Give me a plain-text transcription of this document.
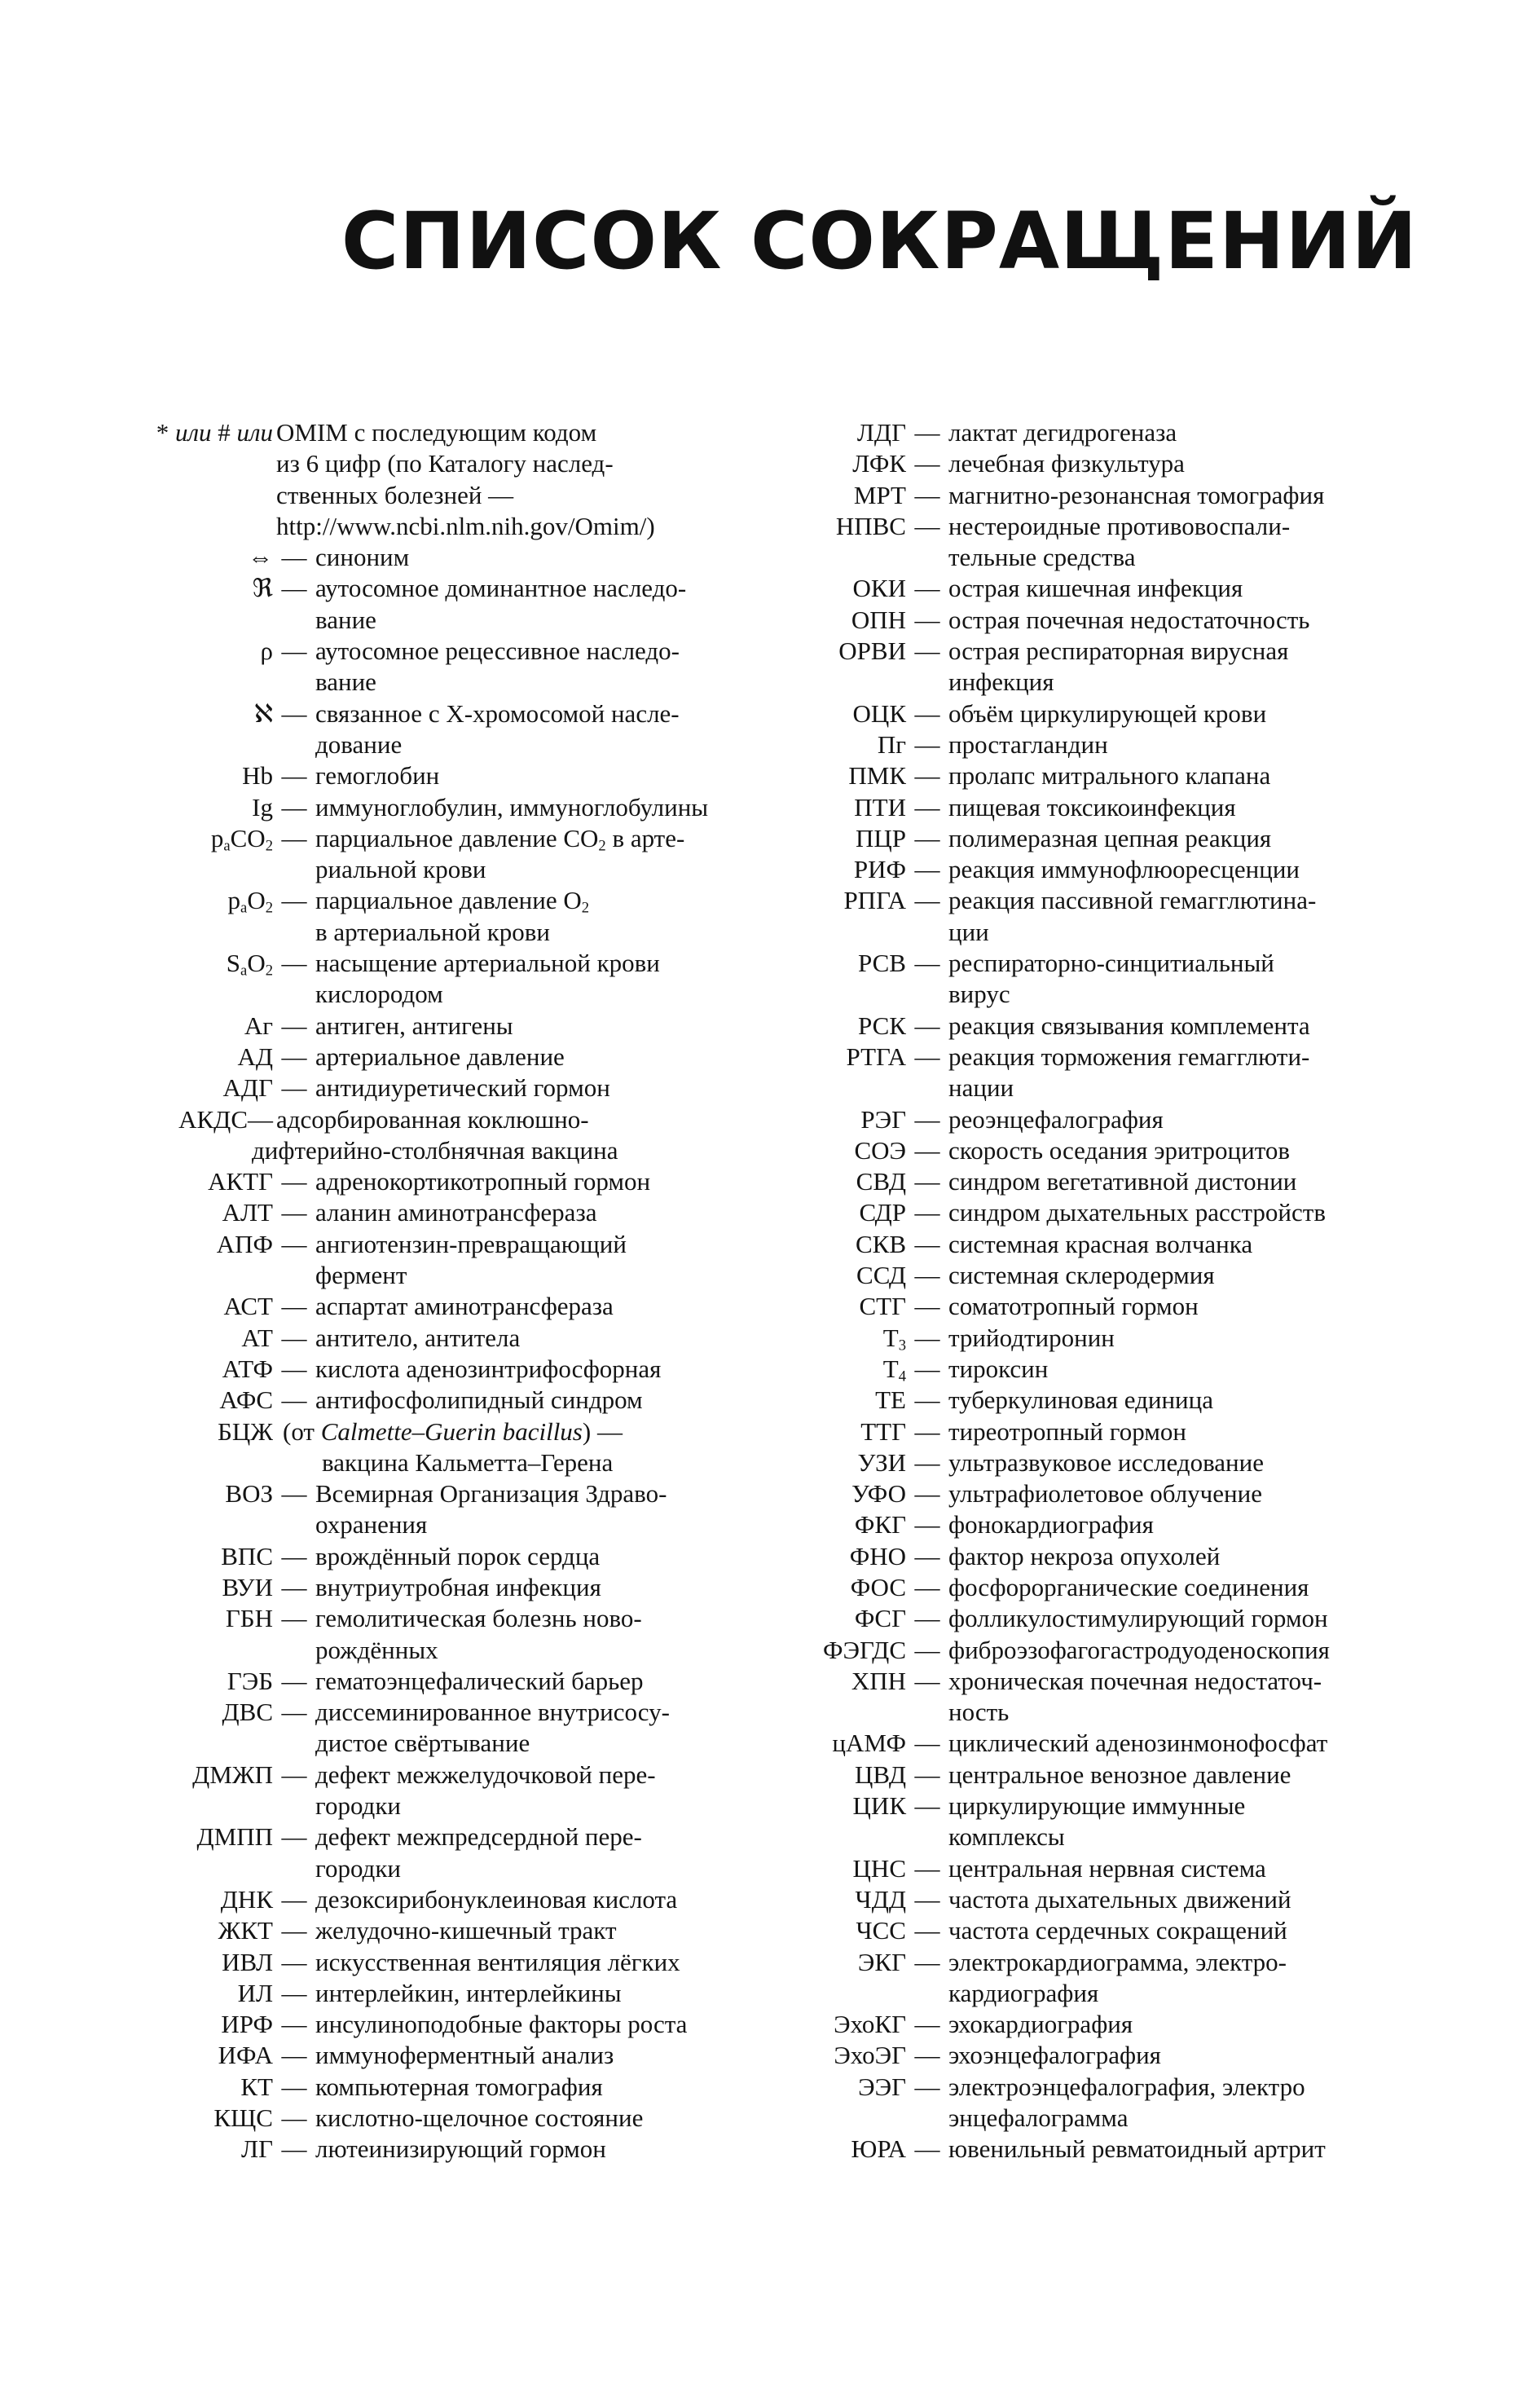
СПИСОК СОКРАЩЕНИЙ
* или # или OMIM с последующим кодом
из 6 цифр (по Каталогу наслед-
ственных болезней —
http://www.ncbi.nlm.nih.gov/Omim/)
⇔ — синоним
ℜ — аутосомное доминантное наследо-
вание
ρ — аутосомное рецессивное наследо-
вание
ℵ — связанное с Х-хромосомой насле-
дование
Hb — гемоглобин
Ig — иммуноглобулин, иммуноглобулины
$p_aCO_2$ — парциальное давление $CO_2$ в арте-
риальной крови
$p_aO_2$ — парциальное давление $O_2$
в артериальной крови
$S_aO_2$ — насыщение артериальной крови
кислородом
Аг — антиген, антигены
АД — артериальное давление
АДГ — антидиуретический гормон
АКДС— адсорбированная коклюшно-
дифтерийно-столбнячная вакцина
АКТГ — адренокортикотропный гормон
АЛТ — аланин аминотрансфераза
АПФ — ангиотензин-превращающий
фермент
АСТ — аспартат аминотрансфераза
АТ — антитело, антитела
АТФ — кислота аденозинтрифосфорная
АФС — антифосфолипидный синдром
БЦЖ (от Calmette–Guerin bacillus) —
вакцина Кальметта–Герена
ВОЗ — Всемирная Организация Здраво-
охранения
ВПС — врождённый порок сердца
ВУИ — внутриутробная инфекция
ГБН — гемолитическая болезнь ново-
рождённых
ГЭБ — гематоэнцефалический барьер
ДВС — диссеминированное внутрисосу-
дистое свёртывание
ДМЖП — дефект межжелудочковой пере-
городки
ДМПП — дефект межпредсердной пере-
городки
ДНК — дезоксирибонуклеиновая кислота
ЖКТ — желудочно-кишечный тракт
ИВЛ — искусственная вентиляция лёгких
ИЛ — интерлейкин, интерлейкины
ИРФ — инсулиноподобные факторы роста
ИФА — иммуноферментный анализ
КТ — компьютерная томография
КЩС — кислотно-щелочное состояние
ЛГ — лютеинизирующий гормон
ЛДГ — лактат дегидрогеназа
ЛФК — лечебная физкультура
МРТ — магнитно-резонансная томография
НПВС — нестероидные противовоспали-
тельные средства
ОКИ — острая кишечная инфекция
ОПН — острая почечная недостаточность
ОРВИ — острая респираторная вирусная
инфекция
ОЦК — объём циркулирующей крови
Пг — простагландин
ПМК — пролапс митрального клапана
ПТИ — пищевая токсикоинфекция
ПЦР — полимеразная цепная реакция
РИФ — реакция иммунофлюоресценции
РПГА — реакция пассивной гемагглютина-
ции
РСВ — респираторно-синцитиальный
вирус
РСК — реакция связывания комплемента
РТГА — реакция торможения гемагглюти-
нации
РЭГ — реоэнцефалография
СОЭ — скорость оседания эритроцитов
СВД — синдром вегетативной дистонии
СДР — синдром дыхательных расстройств
СКВ — системная красная волчанка
ССД — системная склеродермия
СТГ — соматотропный гормон
$T_3$ — трийодтиронин
$T_4$ — тироксин
ТЕ — туберкулиновая единица
ТТГ — тиреотропный гормон
УЗИ — ультразвуковое исследование
УФО — ультрафиолетовое облучение
ФКГ — фонокардиография
ФНО — фактор некроза опухолей
ФОС — фосфорорганические соединения
ФСГ — фолликулостимулирующий гормон
ФЭГДС — фиброэзофагогастродуоденоскопия
ХПН — хроническая почечная недостаточ-
ность
цАМФ — циклический аденозинмонофосфат
ЦВД — центральное венозное давление
ЦИК — циркулирующие иммунные
комплексы
ЦНС — центральная нервная система
ЧДД — частота дыхательных движений
ЧСС — частота сердечных сокращений
ЭКГ — электрокардиограмма, электро-
кардиография
ЭхоКГ — эхокардиография
ЭхоЭГ — эхоэнцефалография
ЭЭГ — электроэнцефалография, электро
энцефалограмма
ЮРА — ювенильный ревматоидный артрит
